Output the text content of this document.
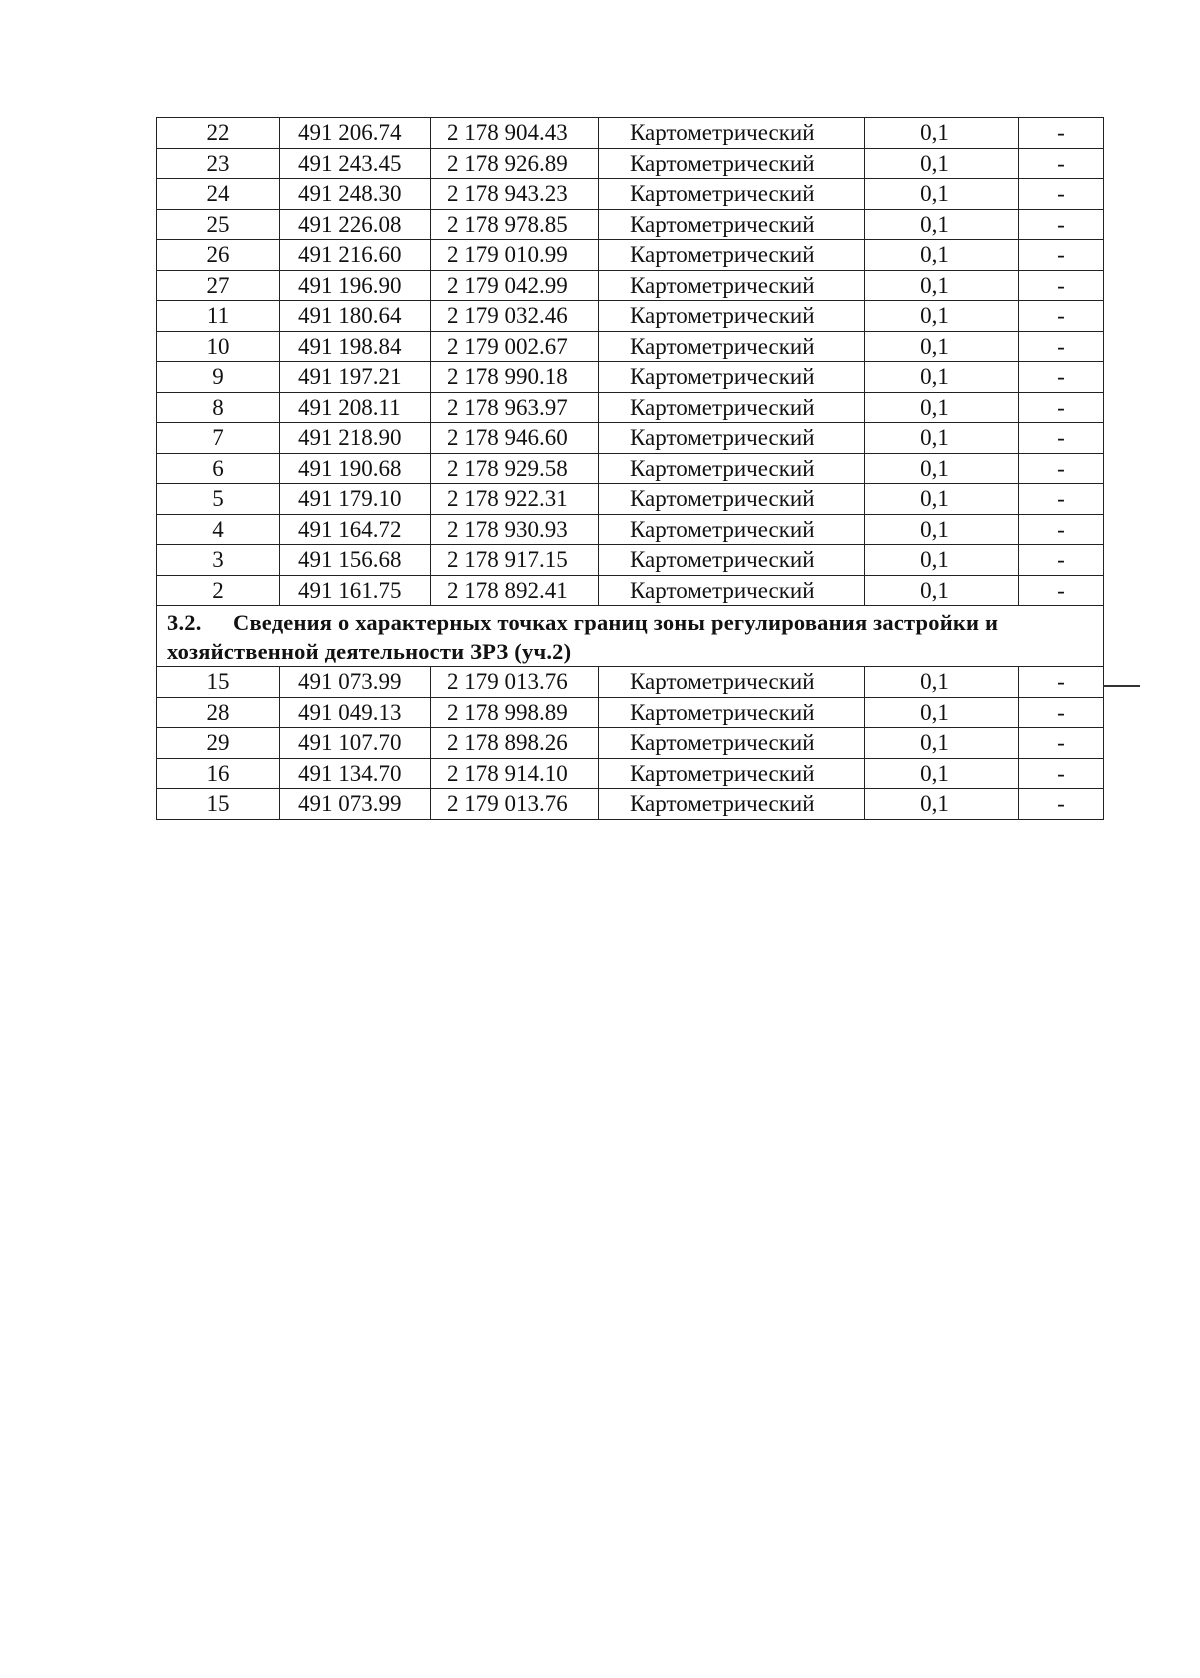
22	491 206.74	2 178 904.43	Картометрический	0,1	-
23	491 243.45	2 178 926.89	Картометрический	0,1	-
24	491 248.30	2 178 943.23	Картометрический	0,1	-
25	491 226.08	2 178 978.85	Картометрический	0,1	-
26	491 216.60	2 179 010.99	Картометрический	0,1	-
27	491 196.90	2 179 042.99	Картометрический	0,1	-
11	491 180.64	2 179 032.46	Картометрический	0,1	-
10	491 198.84	2 179 002.67	Картометрический	0,1	-
9	491 197.21	2 178 990.18	Картометрический	0,1	-
8	491 208.11	2 178 963.97	Картометрический	0,1	-
7	491 218.90	2 178 946.60	Картометрический	0,1	-
6	491 190.68	2 178 929.58	Картометрический	0,1	-
5	491 179.10	2 178 922.31	Картометрический	0,1	-
4	491 164.72	2 178 930.93	Картометрический	0,1	-
3	491 156.68	2 178 917.15	Картометрический	0,1	-
2	491 161.75	2 178 892.41	Картометрический	0,1	-
3.2. Сведения о характерных точках границ зоны регулирования застройки и хозяйственной деятельности ЗРЗ (уч.2)					
15	491 073.99	2 179 013.76	Картометрический	0,1	-
28	491 049.13	2 178 998.89	Картометрический	0,1	-
29	491 107.70	2 178 898.26	Картометрический	0,1	-
16	491 134.70	2 178 914.10	Картометрический	0,1	-
15	491 073.99	2 179 013.76	Картометрический	0,1	-
